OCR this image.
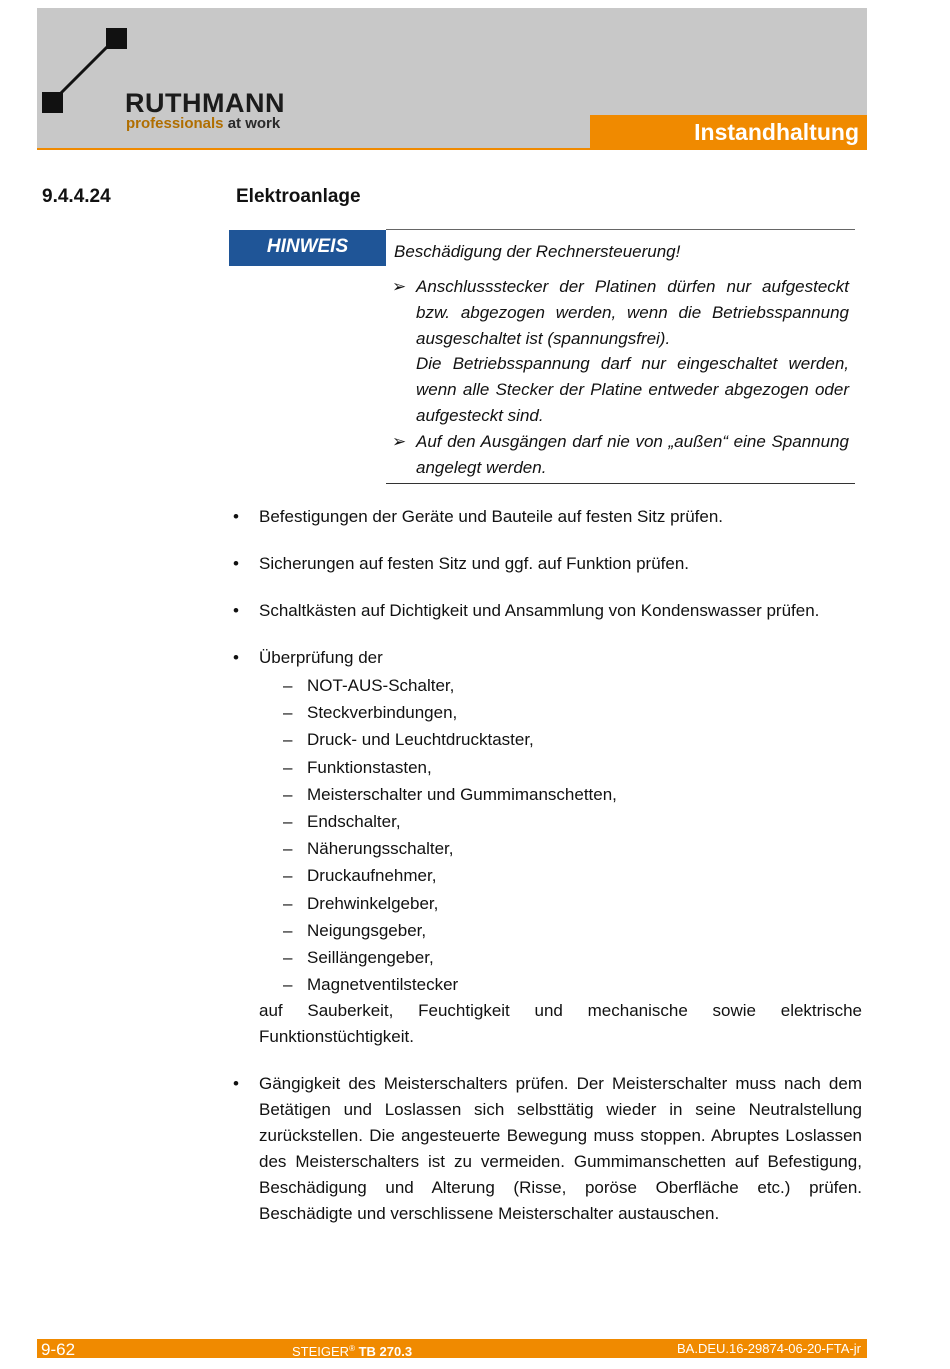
RUTHMANN
professionals at work	Instandhaltung
9.4.4.24	Elektroanlage
HINWEIS	Beschädigung der Rechnersteuerung!
➢ Anschlussstecker der Platinen dürfen nur aufgesteckt bzw. abgezogen werden, wenn die Betriebsspannung ausgeschaltet ist (spannungsfrei).
Die Betriebsspannung darf nur eingeschaltet werden, wenn alle Stecker der Platine entweder abgezogen oder aufgesteckt sind.
➢ Auf den Ausgängen darf nie von „außen“ eine Spannung angelegt werden.
• Befestigungen der Geräte und Bauteile auf festen Sitz prüfen.
• Sicherungen auf festen Sitz und ggf. auf Funktion prüfen.
• Schaltkästen auf Dichtigkeit und Ansammlung von Kondenswasser prüfen.
• Überprüfung der
– NOT-AUS-Schalter,
– Steckverbindungen,
– Druck- und Leuchtdrucktaster,
– Funktionstasten,
– Meisterschalter und Gummimanschetten,
– Endschalter,
– Näherungsschalter,
– Druckaufnehmer,
– Drehwinkelgeber,
– Neigungsgeber,
– Seillängengeber,
– Magnetventilstecker
auf Sauberkeit, Feuchtigkeit und mechanische sowie elektrische Funktionstüchtigkeit.
• Gängigkeit des Meisterschalters prüfen. Der Meisterschalter muss nach dem Betätigen und Loslassen sich selbsttätig wieder in seine Neutralstellung zurückstellen. Die angesteuerte Bewegung muss stoppen. Abruptes Loslassen des Meisterschalters ist zu vermeiden. Gummimanschetten auf Befestigung, Beschädigung und Alterung (Risse, poröse Oberfläche etc.) prüfen. Beschädigte und verschlissene Meisterschalter austauschen.
9-62	STEIGER® TB 270.3	BA.DEU.16-29874-06-20-FTA-jr
